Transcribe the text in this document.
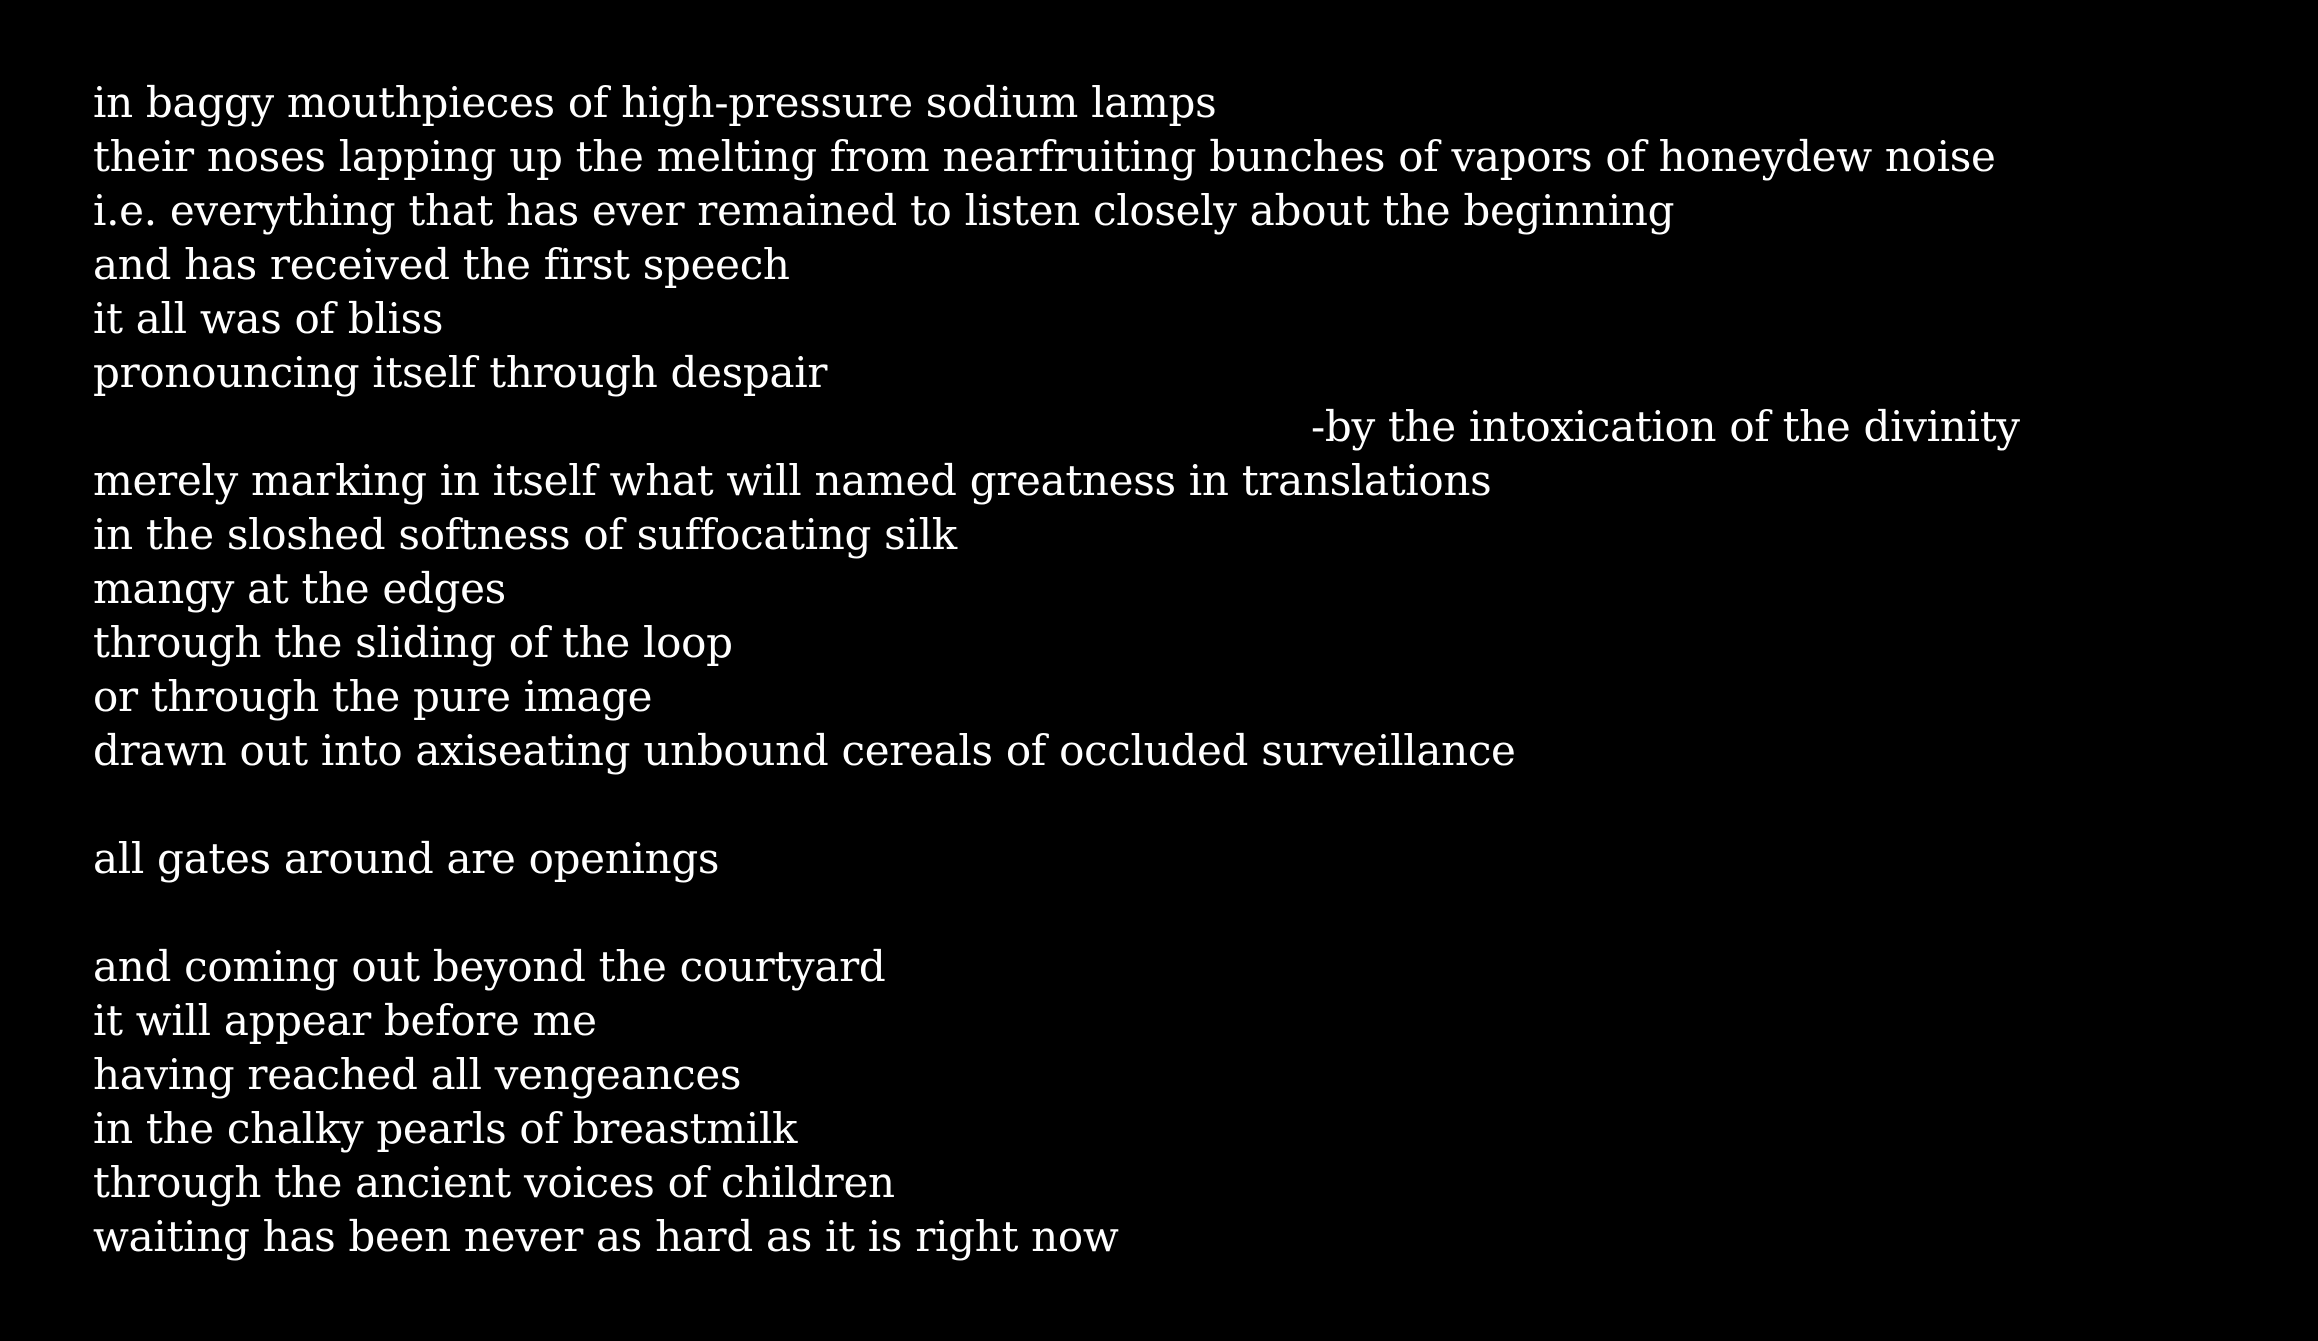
in baggy mouthpieces of high-pressure sodium lamps
their noses lapping up the melting from nearfruiting bunches of vapors of honeydew noise
i.e. everything that has ever remained to listen closely about the beginning
and has received the first speech
it all was of bliss
pronouncing itself through despair
-by the intoxication of the divinity
merely marking in itself what will named greatness in translations
in the sloshed softness of suffocating silk
mangy at the edges
through the sliding of the loop
or through the pure image
drawn out into axiseating unbound cereals of occluded surveillance
all gates around are openings
and coming out beyond the courtyard
it will appear before me
having reached all vengeances
in the chalky pearls of breastmilk
through the ancient voices of children
waiting has been never as hard as it is right now
